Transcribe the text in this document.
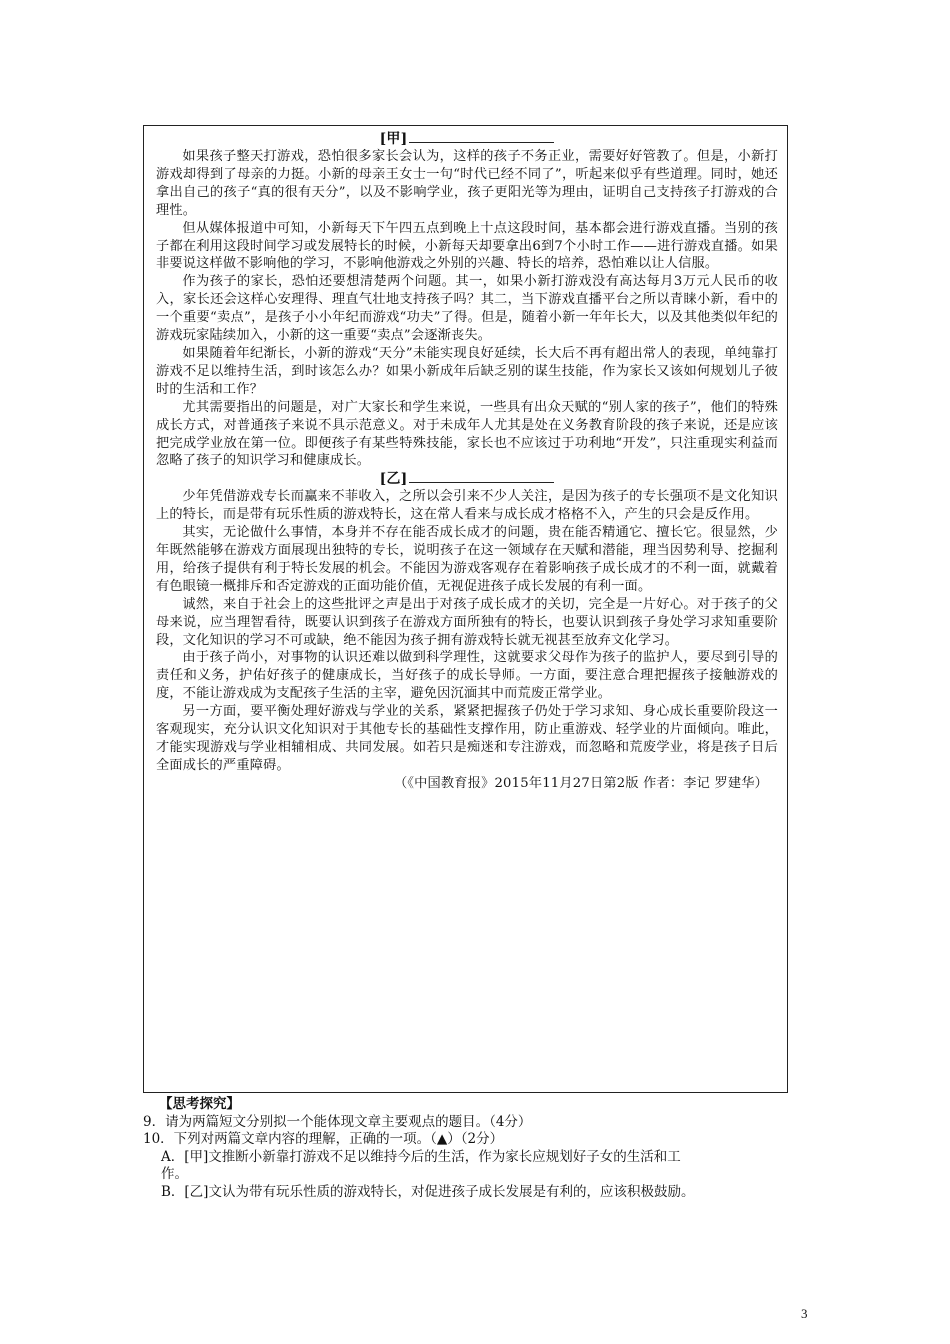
[甲]

如果孩子整天打游戏，恐怕很多家长会认为，这样的孩子不务正业，需要好好管教了。但是，小新打游戏却得到了母亲的力挺。小新的母亲王女士一句“时代已经不同了”，听起来似乎有些道理。同时，她还拿出自己的孩子“真的很有天分”，以及不影响学业，孩子更阳光等为理由，证明自己支持孩子打游戏的合理性。

但从媒体报道中可知，小新每天下午四五点到晚上十点这段时间，基本都会进行游戏直播。当别的孩子都在利用这段时间学习或发展特长的时候，小新每天却要拿出6到7个小时工作——进行游戏直播。如果非要说这样做不影响他的学习，不影响他游戏之外别的兴趣、特长的培养，恐怕难以让人信服。

作为孩子的家长，恐怕还要想清楚两个问题。其一，如果小新打游戏没有高达每月3万元人民币的收入，家长还会这样心安理得、理直气壮地支持孩子吗？其二，当下游戏直播平台之所以青睐小新，看中的一个重要“卖点”，是孩子小小年纪而游戏“功夫”了得。但是，随着小新一年年长大，以及其他类似年纪的游戏玩家陆续加入，小新的这一重要“卖点”会逐渐丧失。

如果随着年纪渐长，小新的游戏“天分”未能实现良好延续，长大后不再有超出常人的表现，单纯靠打游戏不足以维持生活，到时该怎么办？如果小新成年后缺乏别的谋生技能，作为家长又该如何规划儿子彼时的生活和工作？

尤其需要指出的问题是，对广大家长和学生来说，一些具有出众天赋的“别人家的孩子”，他们的特殊成长方式，对普通孩子来说不具示范意义。对于未成年人尤其是处在义务教育阶段的孩子来说，还是应该把完成学业放在第一位。即便孩子有某些特殊技能，家长也不应该过于功利地“开发”，只注重现实利益而忽略了孩子的知识学习和健康成长。

[乙]

少年凭借游戏专长而赢来不菲收入，之所以会引来不少人关注，是因为孩子的专长强项不是文化知识上的特长，而是带有玩乐性质的游戏特长，这在常人看来与成长成才格格不入，产生的只会是反作用。

其实，无论做什么事情，本身并不存在能否成长成才的问题，贵在能否精通它、擅长它。很显然，少年既然能够在游戏方面展现出独特的专长，说明孩子在这一领域存在天赋和潜能，理当因势利导、挖掘利用，给孩子提供有利于特长发展的机会。不能因为游戏客观存在着影响孩子成长成才的不利一面，就戴着有色眼镜一概排斥和否定游戏的正面功能价值，无视促进孩子成长发展的有利一面。

诚然，来自于社会上的这些批评之声是出于对孩子成长成才的关切，完全是一片好心。对于孩子的父母来说，应当理智看待，既要认识到孩子在游戏方面所独有的特长，也要认识到孩子身处学习求知重要阶段，文化知识的学习不可或缺，绝不能因为孩子拥有游戏特长就无视甚至放弃文化学习。

由于孩子尚小，对事物的认识还难以做到科学理性，这就要求父母作为孩子的监护人，要尽到引导的责任和义务，护佑好孩子的健康成长，当好孩子的成长导师。一方面，要注意合理把握孩子接触游戏的度，不能让游戏成为支配孩子生活的主宰，避免因沉湎其中而荒废正常学业。

另一方面，要平衡处理好游戏与学业的关系，紧紧把握孩子仍处于学习求知、身心成长重要阶段这一客观现实，充分认识文化知识对于其他专长的基础性支撑作用，防止重游戏、轻学业的片面倾向。唯此，才能实现游戏与学业相辅相成、共同发展。如若只是痴迷和专注游戏，而忽略和荒废学业，将是孩子日后全面成长的严重障碍。

（《中国教育报》2015年11月27日第2版 作者：李记 罗建华）

【思考探究】

9．请为两篇短文分别拟一个能体现文章主要观点的题目。（4分）

10．下列对两篇文章内容的理解，正确的一项。（▲）（2分）

A．[甲]文推断小新靠打游戏不足以维持今后的生活，作为家长应规划好子女的生活和工
作。
B．[乙]文认为带有玩乐性质的游戏特长，对促进孩子成长发展是有利的，应该积极鼓励。
3
